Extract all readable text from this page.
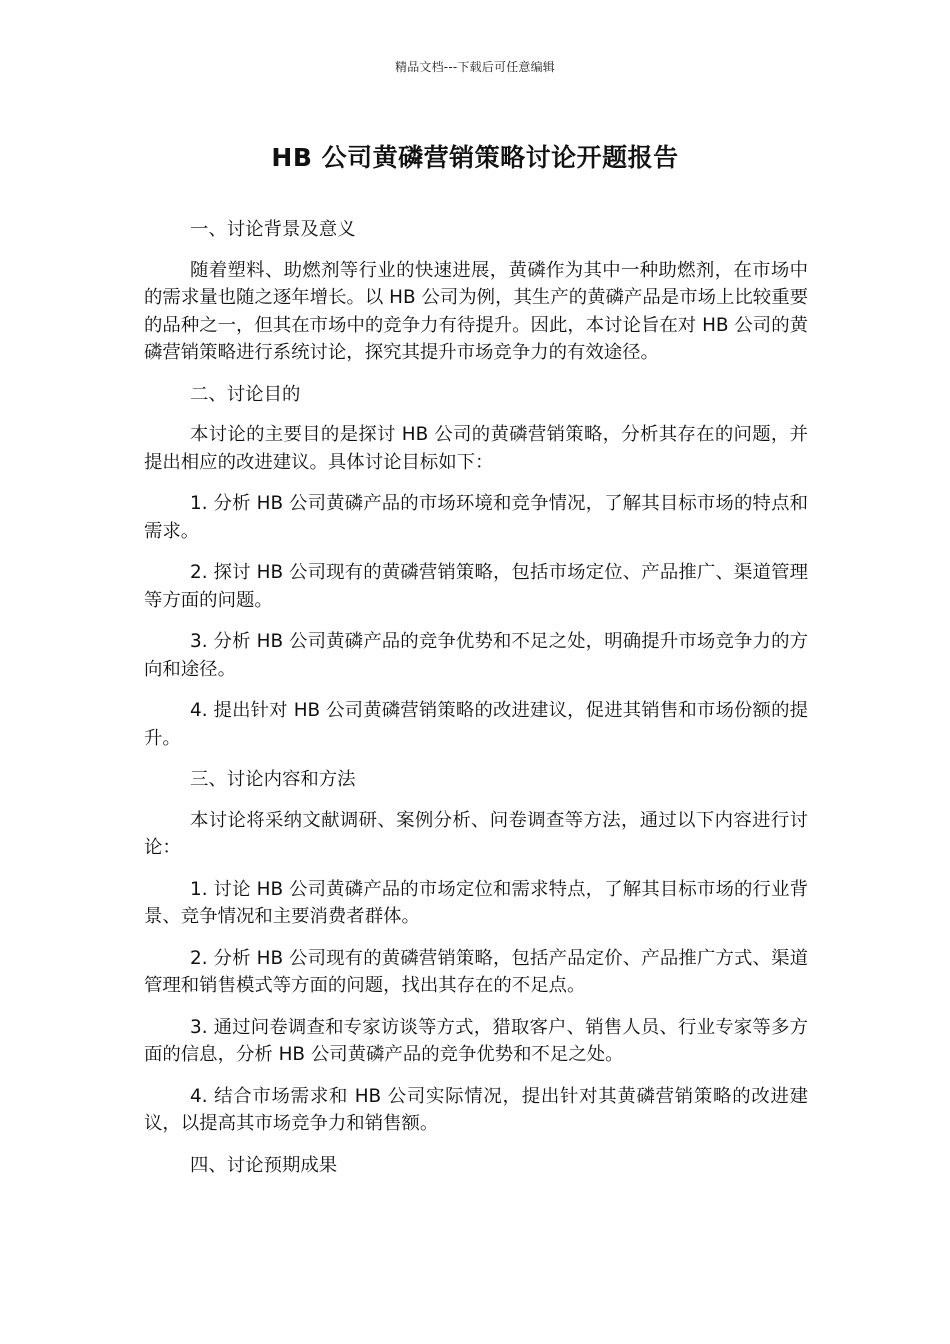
精品文档---下载后可任意编辑
HB 公司黄磷营销策略讨论开题报告

一、讨论背景及意义

随着塑料、助燃剂等行业的快速进展，黄磷作为其中一种助燃剂，在市场中的需求量也随之逐年增长。以 HB 公司为例，其生产的黄磷产品是市场上比较重要的品种之一，但其在市场中的竞争力有待提升。因此，本讨论旨在对 HB 公司的黄磷营销策略进行系统讨论，探究其提升市场竞争力的有效途径。

二、讨论目的

本讨论的主要目的是探讨 HB 公司的黄磷营销策略，分析其存在的问题，并提出相应的改进建议。具体讨论目标如下：

1. 分析 HB 公司黄磷产品的市场环境和竞争情况，了解其目标市场的特点和需求。

2. 探讨 HB 公司现有的黄磷营销策略，包括市场定位、产品推广、渠道管理等方面的问题。

3. 分析 HB 公司黄磷产品的竞争优势和不足之处，明确提升市场竞争力的方向和途径。

4. 提出针对 HB 公司黄磷营销策略的改进建议，促进其销售和市场份额的提升。

三、讨论内容和方法

本讨论将采纳文献调研、案例分析、问卷调查等方法，通过以下内容进行讨论：

1. 讨论 HB 公司黄磷产品的市场定位和需求特点，了解其目标市场的行业背景、竞争情况和主要消费者群体。

2. 分析 HB 公司现有的黄磷营销策略，包括产品定价、产品推广方式、渠道管理和销售模式等方面的问题，找出其存在的不足点。

3. 通过问卷调查和专家访谈等方式，猎取客户、销售人员、行业专家等多方面的信息，分析 HB 公司黄磷产品的竞争优势和不足之处。

4. 结合市场需求和 HB 公司实际情况，提出针对其黄磷营销策略的改进建议，以提高其市场竞争力和销售额。

四、讨论预期成果
